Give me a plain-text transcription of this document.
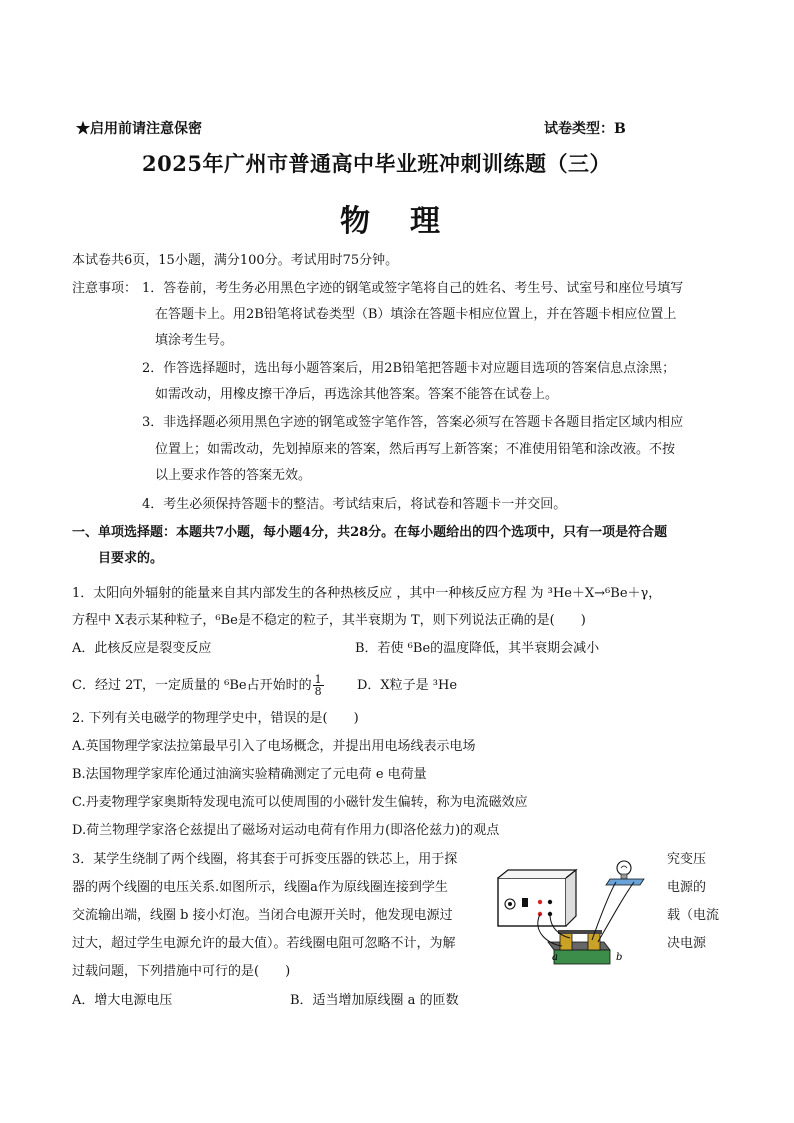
★启用前请注意保密	试卷类型：B
2025年广州市普通高中毕业班冲刺训练题（三）
物理
本试卷共6页，15小题，满分100分。考试用时75分钟。
注意事项： 1．答卷前，考生务必用黑色字迹的钢笔或签字笔将自己的姓名、考生号、试室号和座位号填写
在答题卡上。用2B铅笔将试卷类型（B）填涂在答题卡相应位置上，并在答题卡相应位置上
填涂考生号。
2．作答选择题时，选出每小题答案后，用2B铅笔把答题卡对应题目选项的答案信息点涂黑；
如需改动，用橡皮擦干净后，再选涂其他答案。答案不能答在试卷上。
3．非选择题必须用黑色字迹的钢笔或签字笔作答，答案必须写在答题卡各题目指定区域内相应
位置上；如需改动，先划掉原来的答案，然后再写上新答案；不准使用铅笔和涂改液。不按
以上要求作答的答案无效。
4．考生必须保持答题卡的整洁。考试结束后，将试卷和答题卡一并交回。
一、单项选择题：本题共7小题，每小题4分，共28分。在每小题给出的四个选项中，只有一项是符合题
目要求的。
1．太阳向外辐射的能量来自其内部发生的各种热核反应 ，其中一种核反应方程 为 ³He＋X→⁶Be＋γ，
方程中 X表示某种粒子，⁶Be是不稳定的粒子，其半衰期为 T，则下列说法正确的是(　　)
A．此核反应是裂变反应	B．若使 ⁶Be的温度降低，其半衰期会减小
C．经过 2T，一定质量的 ⁶Be占开始时的 $\frac{1}{8}$	D．X粒子是 ³He
2. 下列有关电磁学的物理学史中，错误的是(　　)
A.英国物理学家法拉第最早引入了电场概念，并提出用电场线表示电场
B.法国物理学家库伦通过油滴实验精确测定了元电荷 e 电荷量
C.丹麦物理学家奥斯特发现电流可以使周围的小磁针发生偏转，称为电流磁效应
D.荷兰物理学家洛仑兹提出了磁场对运动电荷有作用力(即洛伦兹力)的观点
3．某学生绕制了两个线圈，将其套于可拆变压器的铁芯上，用于探	究变压
器的两个线圈的电压关系.如图所示，线圈a作为原线圈连接到学生	电源的
交流输出端，线圈 b 接小灯泡。当闭合电源开关时，他发现电源过	载（电流
过大，超过学生电源允许的最大值）。若线圈电阻可忽略不计，为解	决电源
过载问题，下列措施中可行的是(　　)
A．增大电源电压	B．适当增加原线圈 a 的匝数
a	b
